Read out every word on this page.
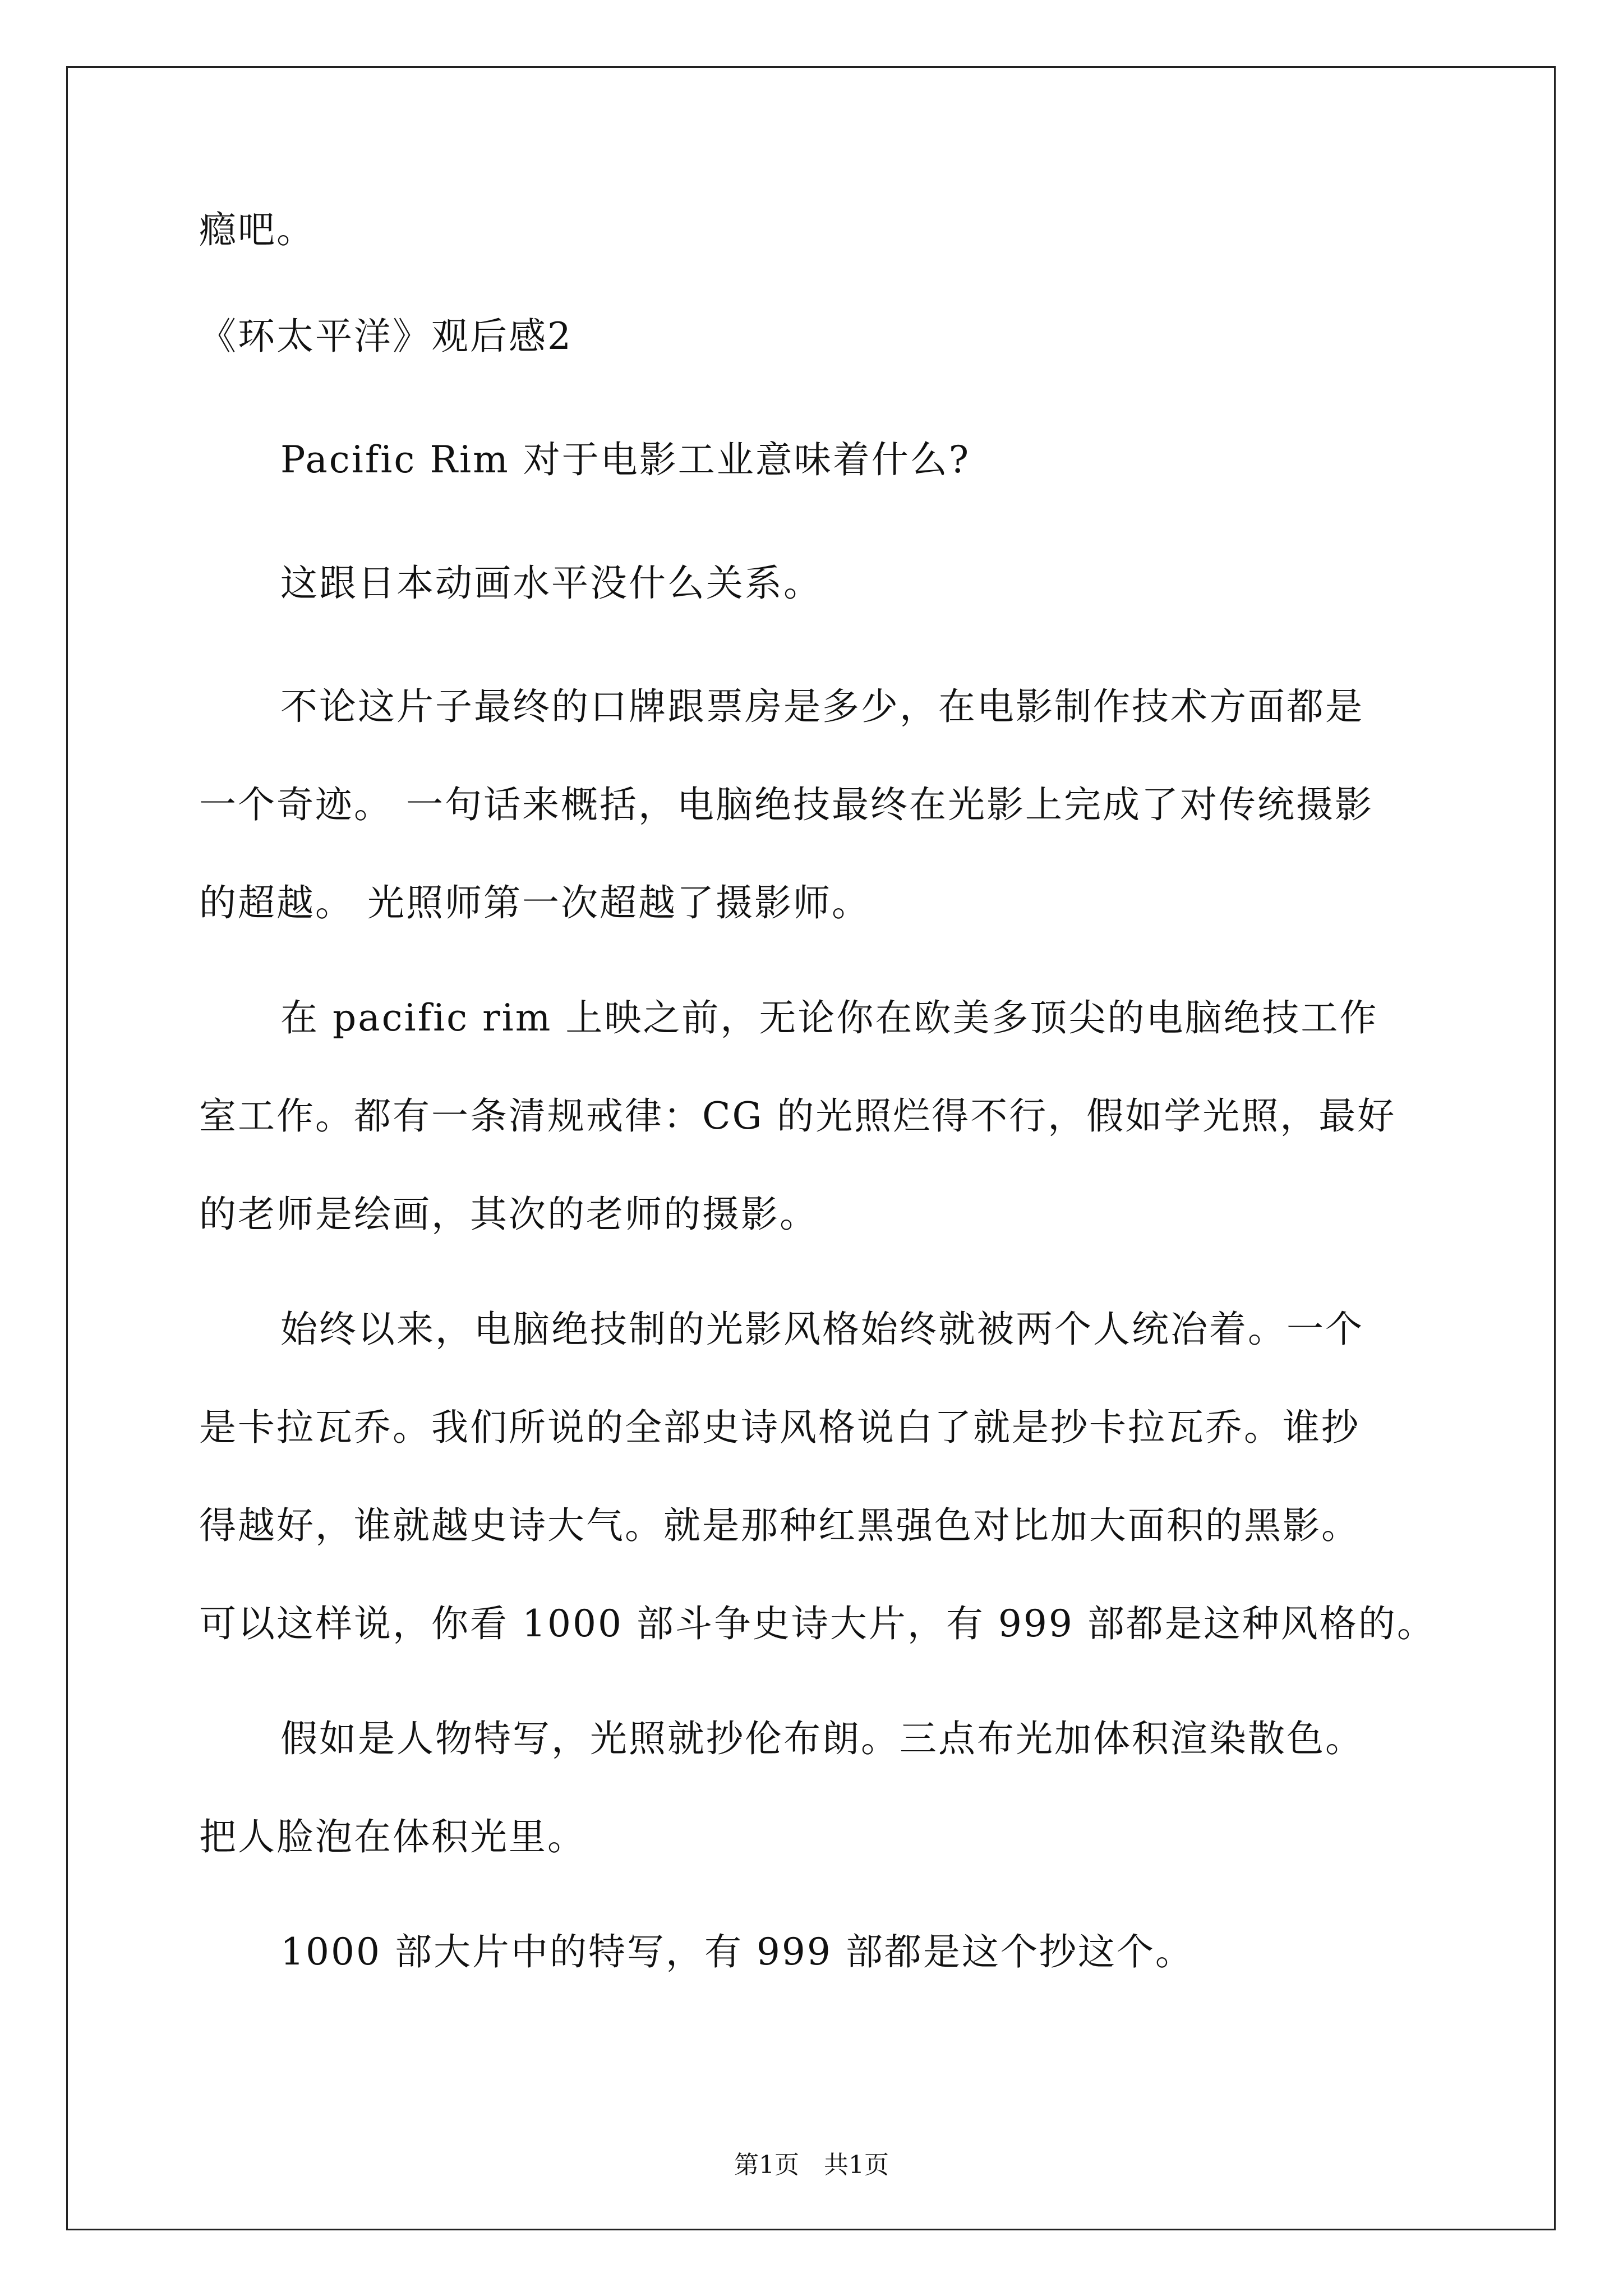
瘾吧。
《环太平洋》观后感2
Pacific Rim 对于电影工业意味着什么?
这跟日本动画水平没什么关系。
不论这片子最终的口牌跟票房是多少，在电影制作技术方面都是
一个奇迹。 一句话来概括，电脑绝技最终在光影上完成了对传统摄影
的超越。 光照师第一次超越了摄影师。
在 pacific rim 上映之前，无论你在欧美多顶尖的电脑绝技工作
室工作。都有一条清规戒律：CG 的光照烂得不行，假如学光照，最好
的老师是绘画，其次的老师的摄影。
始终以来，电脑绝技制的光影风格始终就被两个人统冶着。一个
是卡拉瓦乔。我们所说的全部史诗风格说白了就是抄卡拉瓦乔。谁抄
得越好，谁就越史诗大气。就是那种红黑强色对比加大面积的黑影。
可以这样说，你看 1000 部斗争史诗大片，有 999 部都是这种风格的。
假如是人物特写，光照就抄伦布朗。三点布光加体积渲染散色。
把人脸泡在体积光里。
1000 部大片中的特写，有 999 部都是这个抄这个。
第1页　共1页
